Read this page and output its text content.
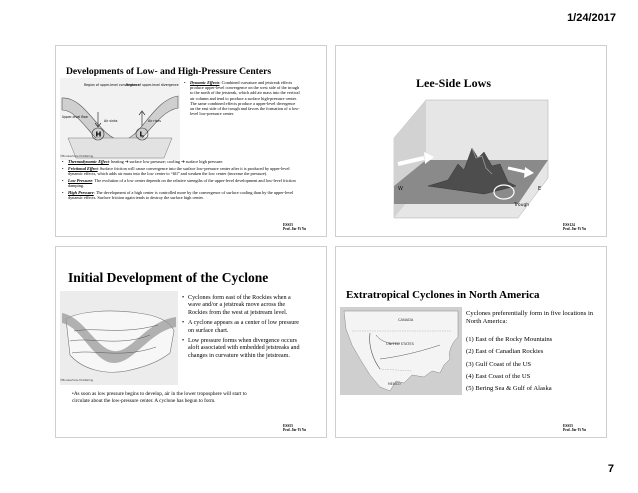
1/24/2017
Developments of Low- and High-Pressure Centers
H	L
Region of upper-level convergence
Region of upper-level divergence
Upper-level flow
Air sinks	Air rises
©Brooks/Cole Publishing
• Dynamic Effects: Combined curvature and jetstreak effects produce upper-level convergence on the west side of the trough to the north of the jetstreak, which add air mass into the vertical air column and tend to produce a surface high-pressure center. The same combined effects produce a upper-level divergence on the east side of the trough and favors the formation of a low-level low-pressure center.
• Thermodynamic Effect: heating ➔ surface low pressure; cooling ➔ surface high pressure.
• Frictional Effect: Surface friction will cause convergence into the surface low-pressure center after it is produced by upper-level dynamic effects, which adds air mass into the low center to “fill” and weaken the low center (increase the pressure).
• Low Pressure: The evolution of a low center depends on the relative strengths of the upper-level development and low-level friction damping.
• High Pressure: The development of a high center is controlled more by the convergence of surface cooling than by the upper-level dynamic effects. Surface friction again tends to destroy the surface high center.
ESS55
Prof. Jin-Yi Yu
Lee-Side Lows
W	E
Trough
ESS124
Prof. Jin-Yi Yu
Initial Development of the Cyclone
©Brooks/Cole Publishing
• Cyclones form east of the Rockies when a wave and/or a jetstreak move across the Rockies from the west at jetstream level.
• A cyclone appears as a center of low pressure on surface chart.
• Low pressure forms when divergence occurs aloft associated with embedded jetstreaks and changes in curvature within the jetstream.
•As soon as low pressure begins to develop, air in the lower troposphere will start to circulate about the low-pressure center. A cyclone has begun to form.
ESS55
Prof. Jin-Yi Yu
Extratropical Cyclones in North America
CANADA
UNITED STATES
MEXICO
Cyclones preferentially form in five locations in North America:
(1) East of the Rocky Mountains
(2) East of Canadian Rockies
(3) Gulf Coast of the US
(4) East Coast of the US
(5) Bering Sea & Gulf of Alaska
ESS55
Prof. Jin-Yi Yu
7
